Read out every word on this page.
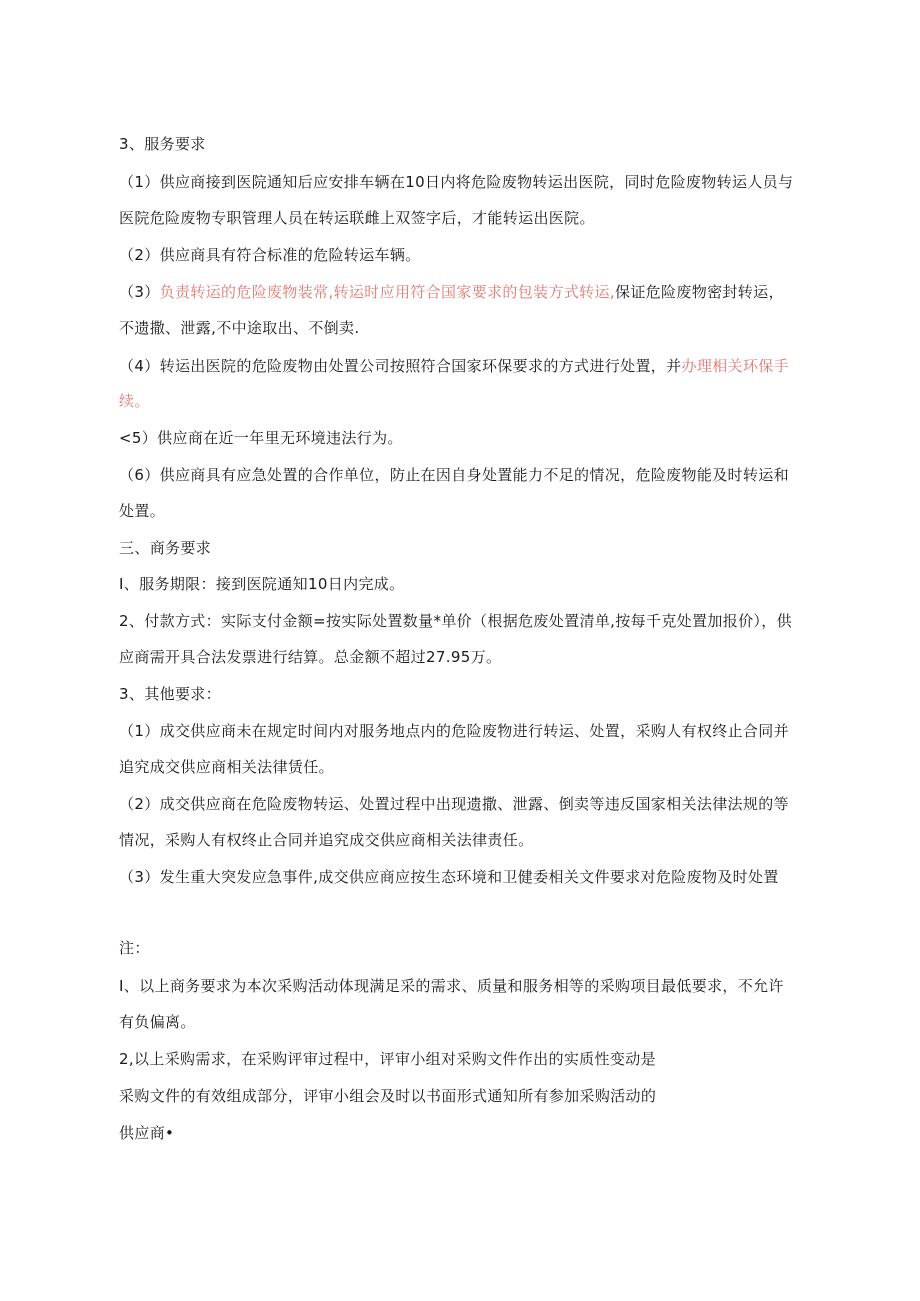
3、服务要求

（1）供应商接到医院通知后应安排车辆在10日内将危险废物转运出医院，同时危险废物转运人员与

医院危险废物专职管理人员在转运联雌上双签字后，才能转运出医院。

（2）供应商具有符合标准的危险转运车辆。

（3）负责转运的危险废物装常,转运时应用符合国家要求的包装方式转运,保证危险废物密封转运，

不遗撒、泄露,不中途取出、不倒卖.

（4）转运出医院的危险废物由处置公司按照符合国家环保要求的方式进行处置，并办理相关环保手

续。

<5）供应商在近一年里无环境违法行为。

（6）供应商具有应急处置的合作单位，防止在因自身处置能力不足的情况，危险废物能及时转运和

处置。

三、商务要求

I、服务期限：接到医院通知10日内完成。

2、付款方式：实际支付金额=按实际处置数量*单价（根据危废处置清单,按每千克处置加报价），供

应商需开具合法发票进行结算。总金额不超过27.95万。

3、其他要求：

（1）成交供应商未在规定时间内对服务地点内的危险废物进行转运、处置，采购人有权终止合同并

追究成交供应商相关法律赁任。

（2）成交供应商在危险废物转运、处置过程中出现遗撒、泄露、倒卖等违反国家相关法律法规的等

情况，采购人有权终止合同并追究成交供应商相关法律责任。

（3）发生重大突发应急事件,成交供应商应按生态环境和卫健委相关文件要求对危险废物及时处置

注：

I、以上商务要求为本次采购活动体现满足采的需求、质量和服务相等的采购项目最低要求，不允许

有负偏离。

2,以上采购需求，在采购评审过程中，评审小组对采购文件作出的实质性变动是

采购文件的有效组成部分，评审小组会及时以书面形式通知所有参加采购活动的

供应商•
